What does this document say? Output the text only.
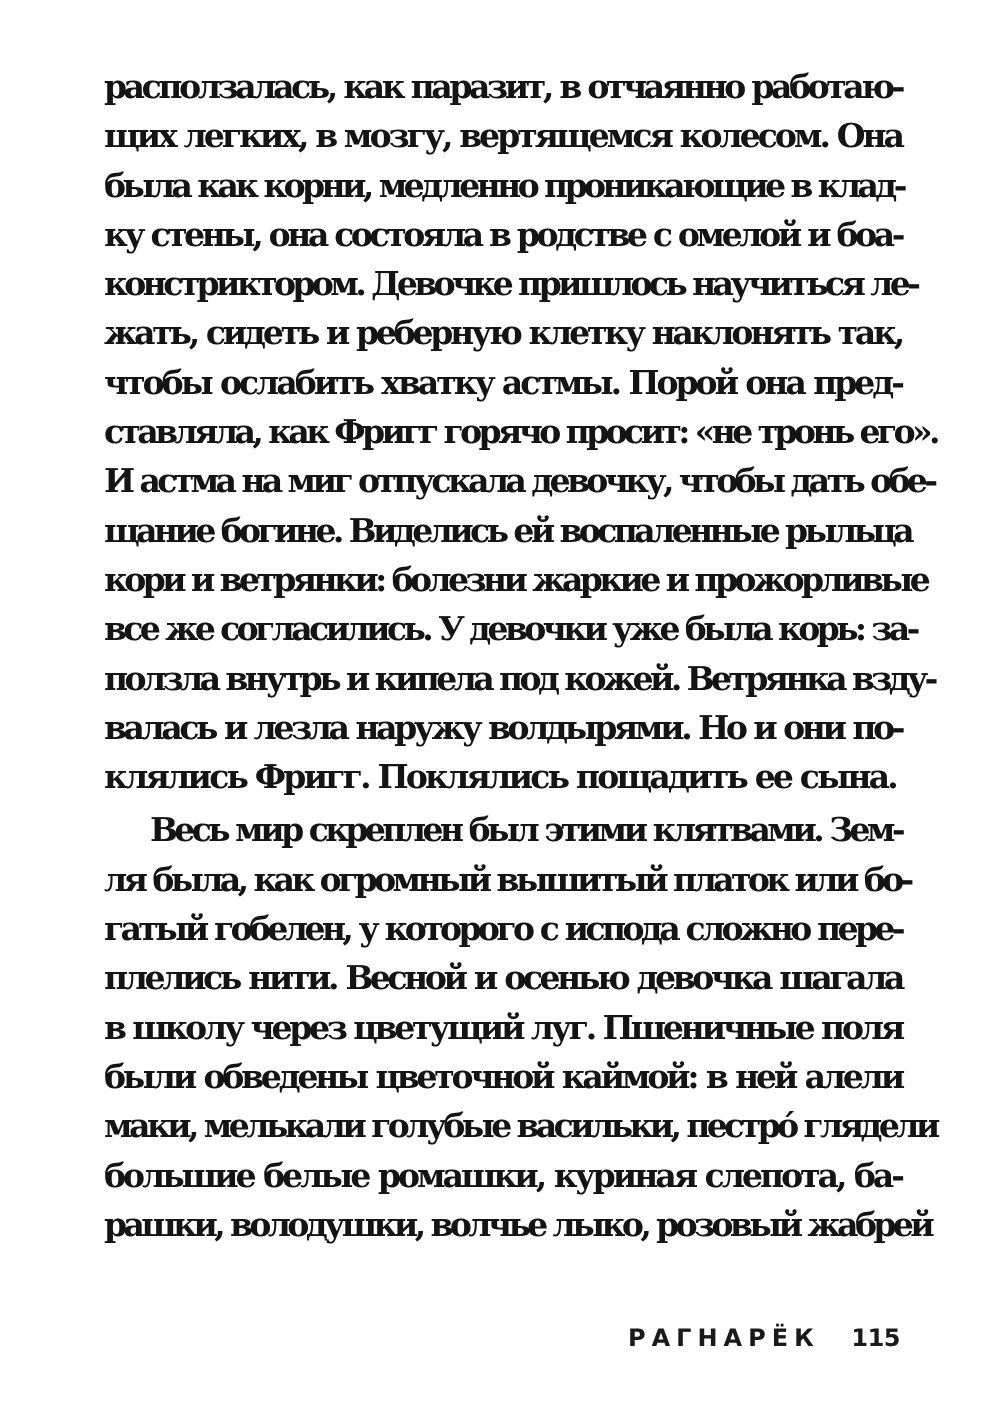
расползалась, как паразит, в отчаянно работаю-
щих легких, в мозгу, вертящемся колесом. Она
была как корни, медленно проникающие в клад-
ку стены, она состояла в родстве с омелой и боа-
констриктором. Девочке пришлось научиться ле-
жать, сидеть и реберную клетку наклонять так,
чтобы ослабить хватку астмы. Порой она пред-
ставляла, как Фригг горячо просит: «не тронь его».
И астма на миг отпускала девочку, чтобы дать обе-
щание богине. Виделись ей воспаленные рыльца
кори и ветрянки: болезни жаркие и прожорливые
все же согласились. У девочки уже была корь: за-
ползла внутрь и кипела под кожей. Ветрянка взду-
валась и лезла наружу волдырями. Но и они по-
клялись Фригг. Поклялись пощадить ее сына.
Весь мир скреплен был этими клятвами. Зем-
ля была, как огромный вышитый платок или бо-
гатый гобелен, у которого с испода сложно пере-
плелись нити. Весной и осенью девочка шагала
в школу через цветущий луг. Пшеничные поля
были обведены цветочной каймой: в ней алели
маки, мелькали голубые васильки, пестро́ глядели
большие белые ромашки, куриная слепота, ба-
рашки, володушки, волчье лыко, розовый жабрей
РАГНАРЁК 115
